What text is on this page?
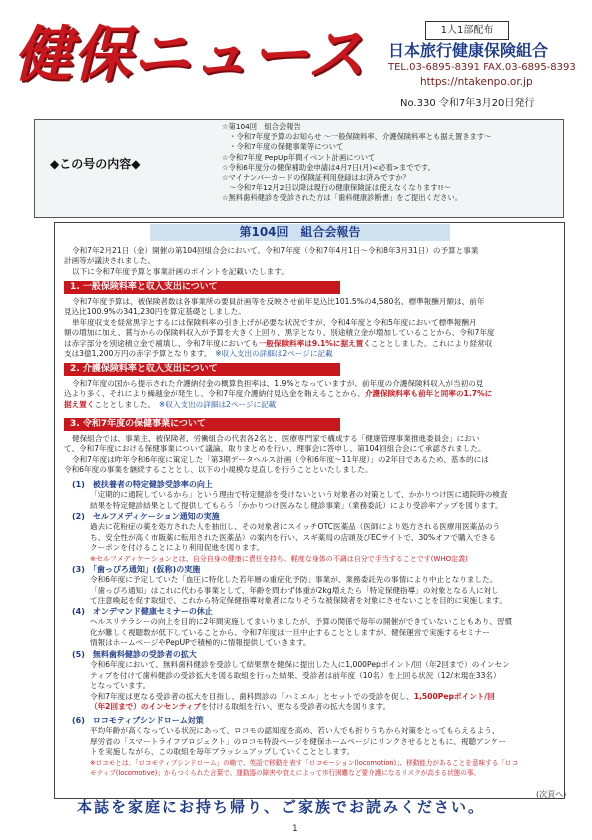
健保ニュース	1人1部配布
日本旅行健康保険組合
TEL.03-6895-8391 FAX.03-6895-8393
https://ntakenpo.or.jp
No.330 令和7年3月20日発行
◆この号の内容◆
☆第104回　組合会報告
　・令和7年度予算のお知らせ ～一般保険料率、介護保険料率とも据え置きます～
　・令和7年度の保健事業等について
☆令和7年度 PepUp年間イベント計画について
☆令和6年度分の健保補助金申請は4月7日(月)<必着>までです。
☆マイナンバーカードの保険証利用登録はお済みですか？
　～令和7年12月2日以降は現行の健康保険証は使えなくなります!!～
☆無料歯科健診を受診された方は「歯科健康診断書」をご提出ください。
第104回　組合会報告
令和7年2月21日（金）開催の第104回組合会において、令和7年度（令和7年4月1日～令和8年3月31日）の予算と事業
計画等が議決されました。
以下に令和7年度予算と事業計画のポイントを記載いたします。
1. 一般保険料率と収入支出について
令和7年度予算は、被保険者数は各事業所の要員計画等を反映させ前年見込比101.5%の4,580名、標準報酬月額は、前年
見込比100.9%の341,230円を算定基礎としました。
単年度収支を経常黒字とするには保険料率の引き上げが必要な状況ですが、令和4年度と令和5年度において標準報酬月
額の増加に加え、賞与からの保険料収入が予算を大きく上回り、黒字となり、別途積立金が増加していることから、令和7年度
は赤字部分を別途積立金で補填し、令和7年度においても一般保険料率は9.1%に据え置くこととしました。これにより経常収
支は3億1,200万円の赤字予算となります。　 ※収入支出の詳細は2ページに記載
2. 介護保険料率と収入支出について
令和7年度の国から提示された介護納付金の概算負担率は、1.9%となっていますが、前年度の介護保険料収入が当初の見
込より多く、それにより繰越金が発生し、令和7年度介護納付見込金を賄えることから、介護保険料率も前年と同率の1.7%に
据え置くこととしました。　 ※収入支出の詳細は2ページに記載
3. 令和7年度の保健事業について
健保組合では、事業主、被保険者、労働組合の代表各2名と、医療専門家で構成する「健康管理事業推進委員会」におい
て、令和7年度における保健事業について議論、取りまとめを行い、理事会に答申し、第104回組合会にて承認されました。
令和7年度は昨年令和6年度に策定した「第3期データヘルス計画（令和6年度～11年度）」の2年目であるため、基本的には
令和6年度の事業を継続することとし、以下の小規模な見直しを行うことといたしました。
(1)　被扶養者の特定健診受診率の向上
「定期的に通院しているから」という理由で特定健診を受けないという対象者の対策として、かかりつけ医に通院時の検査
結果を特定健診結果として提供してもらう「かかりつけ医みなし健診事業」（業務委託）により受診率アップを図ります。
(2)　セルフメディケーション通知の実施
過去に花粉症の薬を処方された人を抽出し、その対象者にスイッチOTC医薬品（医師により処方される医療用医薬品のう
ち、安全性が高く市販薬に転用された医薬品）の案内を行い、スギ薬局の店頭及びECサイトで、30%オフで購入できる
クーポンを付けることにより利用促進を図ります。
※セルフメディケーションとは、自分自身の健康に責任を持ち、軽度な身体の不調は自分で手当することです(WHO定義)
(3)　「歯っぴろ通知」(仮称)の実施
令和6年度に予定していた「血圧に特化した若年層の重症化予防」事業が、業務委託先の事情により中止となりました。
「歯っぴろ通知」はこれに代わる事業として、年齢を問わず体重が2kg増えたら「特定保健指導」の対象となる人に対し
て注意喚起を促す取組で、これから特定保健指導対象者になりそうな被保険者を対象にさせないことを目的に実施します。
(4)　オンデマンド健康セミナーの休止
ヘルスリテラシーの向上を目的に2年間実施してまいりましたが、予算の関係で毎年の開催ができていないこともあり、習慣
化が難しく視聴数が低下していることから、令和7年度は一旦中止することとしますが、健保運営で実施するセミナー
情報はホームページやPepUPで積極的に情報提供していきます。
(5)　無料歯科健診の受診者の拡大
令和6年度において、無料歯科健診を受診して結果票を健保に提出した人に1,000Pepポイント/回（年2回まで）のインセン
ティブを付けて歯科健診の受診拡大を図る取組を行った結果、受診者は前年度（10名）を上回る状況（12/末現在33名）
となっています。
令和7年度は更なる受診者の拡大を目指し、歯科問診の「ハミエル」とセットでの受診を促し、1,500Pepポイント/回
（年2回まで）のインセンティブを付ける取組を行い、更なる受診者の拡大を図ります。
(6)　ロコモティブシンドローム対策
平均年齢が高くなっている状況にあって、ロコモの認知度を高め、若い人でも折りうちから対策をとってもらえるよう、
厚労省の「スマートライフプロジェクト」のロコモ特設ページを健保ホームページにリンクさせるとともに、視聴アンケー
トを実施しながら、この取組を毎年ブラッシュアップしていくこととします。
※ロコモとは、「ロコモティブシンドローム」の略で、英語で移動を表す「ロコモーション(locomotion)」、移動能力があることを意味する「ロコ
モティブ(locomotive)」からつくられた言葉で、運動器の障害や衰えによって歩行困難など要介護になるリスクが高まる状態の事。
(次頁へ)
本誌を家庭にお持ち帰り、ご家族でお読みください。
1
